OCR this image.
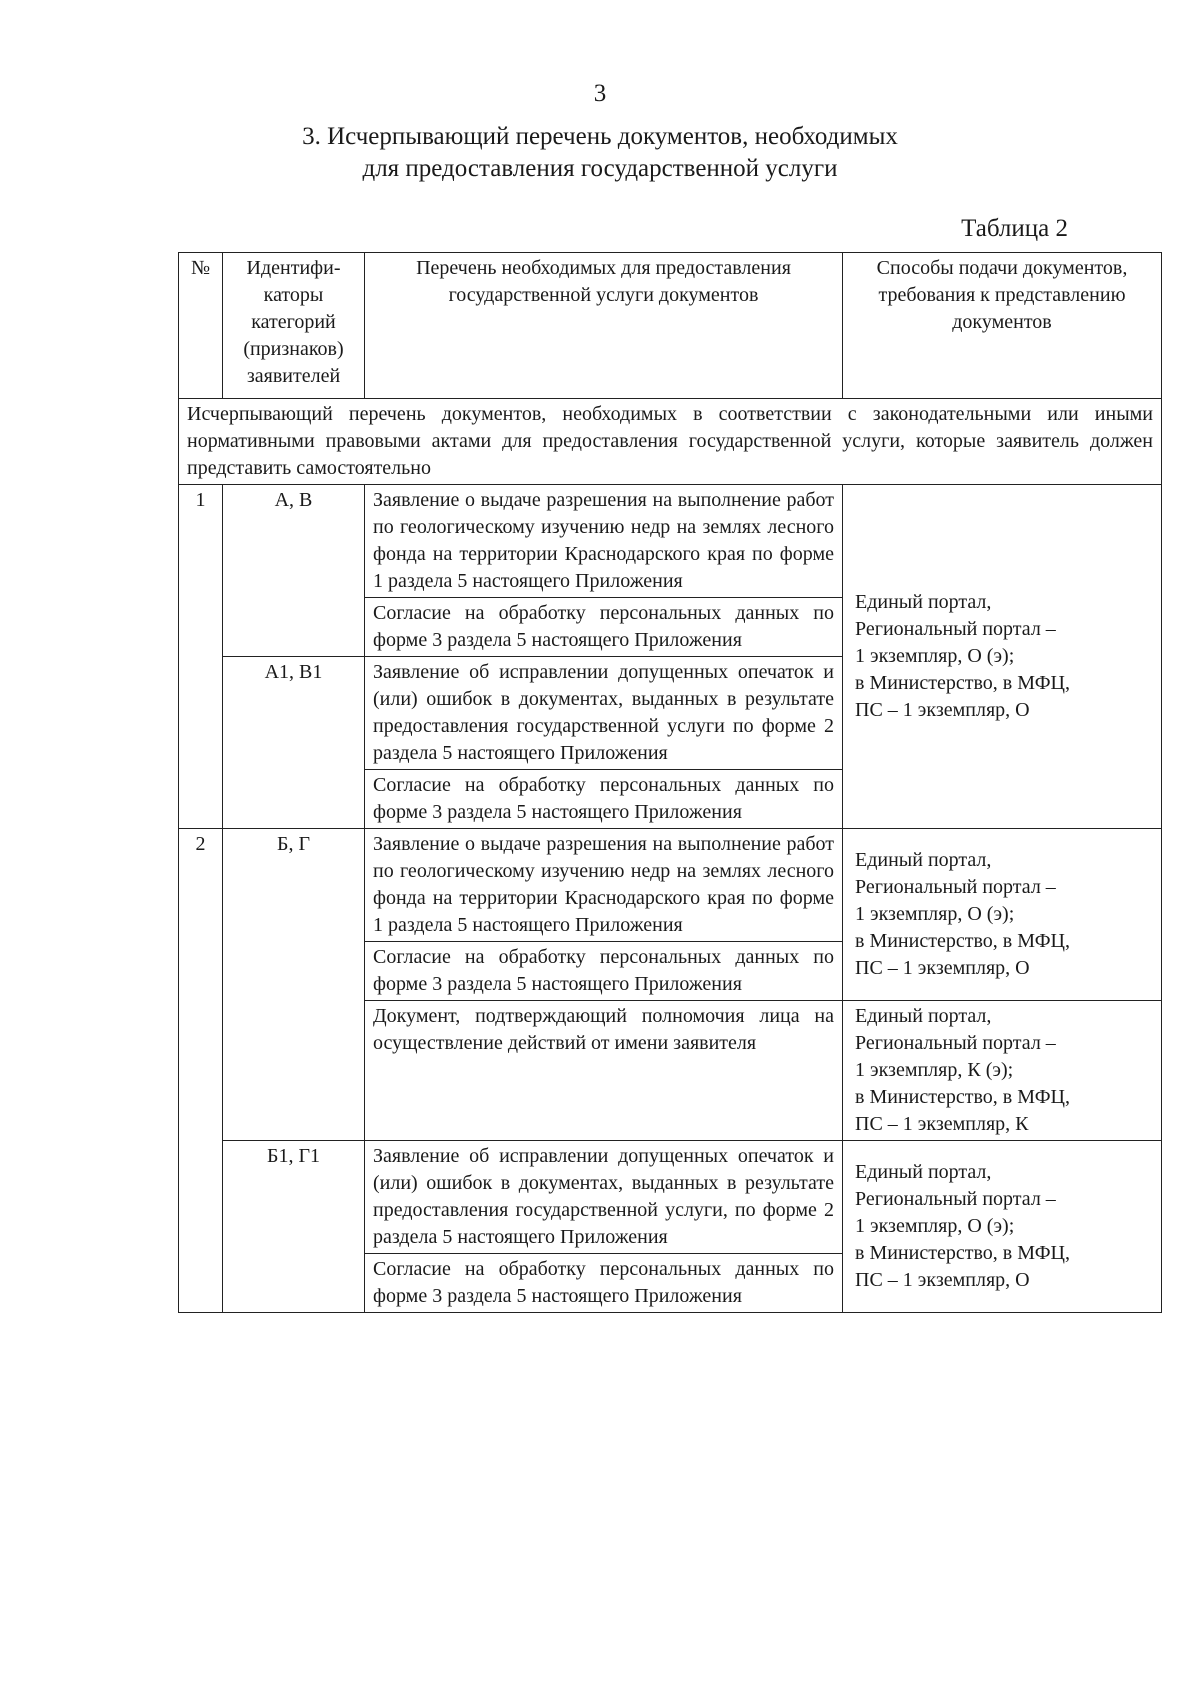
3
3. Исчерпывающий перечень документов, необходимых
для предоставления государственной услуги
Таблица 2
№	Идентифи-каторы категорий (признаков) заявителей	Перечень необходимых для предоставления государственной услуги документов	Способы подачи документов, требования к представлению документов
Исчерпывающий перечень документов, необходимых в соответствии с законодательными или иными нормативными правовыми актами для предоставления государственной услуги, которые заявитель должен представить самостоятельно			
1	А, В	Заявление о выдаче разрешения на выполнение работ по геологическому изучению недр на землях лесного фонда на территории Краснодарского края по форме 1 раздела 5 настоящего Приложения	Единый портал,
Региональный портал –
1 экземпляр, О (э);
в Министерство, в МФЦ,
ПС – 1 экземпляр, О

		Согласие на обработку персональных данных по форме 3 раздела 5 настоящего Приложения	
	А1, В1	Заявление об исправлении допущенных опечаток и (или) ошибок в документах, выданных в результате предоставления государственной услуги по форме 2 раздела 5 настоящего Приложения	
		Согласие на обработку персональных данных по форме 3 раздела 5 настоящего Приложения	
2	Б, Г	Заявление о выдаче разрешения на выполнение работ по геологическому изучению недр на землях лесного фонда на территории Краснодарского края по форме 1 раздела 5 настоящего Приложения	Единый портал,
Региональный портал –
1 экземпляр, О (э);
в Министерство, в МФЦ,
ПС – 1 экземпляр, О

		Согласие на обработку персональных данных по форме 3 раздела 5 настоящего Приложения	
		Документ, подтверждающий полномочия лица на осуществление действий от имени заявителя	Единый портал,
Региональный портал –
1 экземпляр, К (э);
в Министерство, в МФЦ,
ПС – 1 экземпляр, К

	Б1, Г1	Заявление об исправлении допущенных опечаток и (или) ошибок в документах, выданных в результате предоставления государственной услуги, по форме 2 раздела 5 настоящего Приложения	Единый портал,
Региональный портал –
1 экземпляр, О (э);
в Министерство, в МФЦ,
ПС – 1 экземпляр, О

		Согласие на обработку персональных данных по форме 3 раздела 5 настоящего Приложения	
